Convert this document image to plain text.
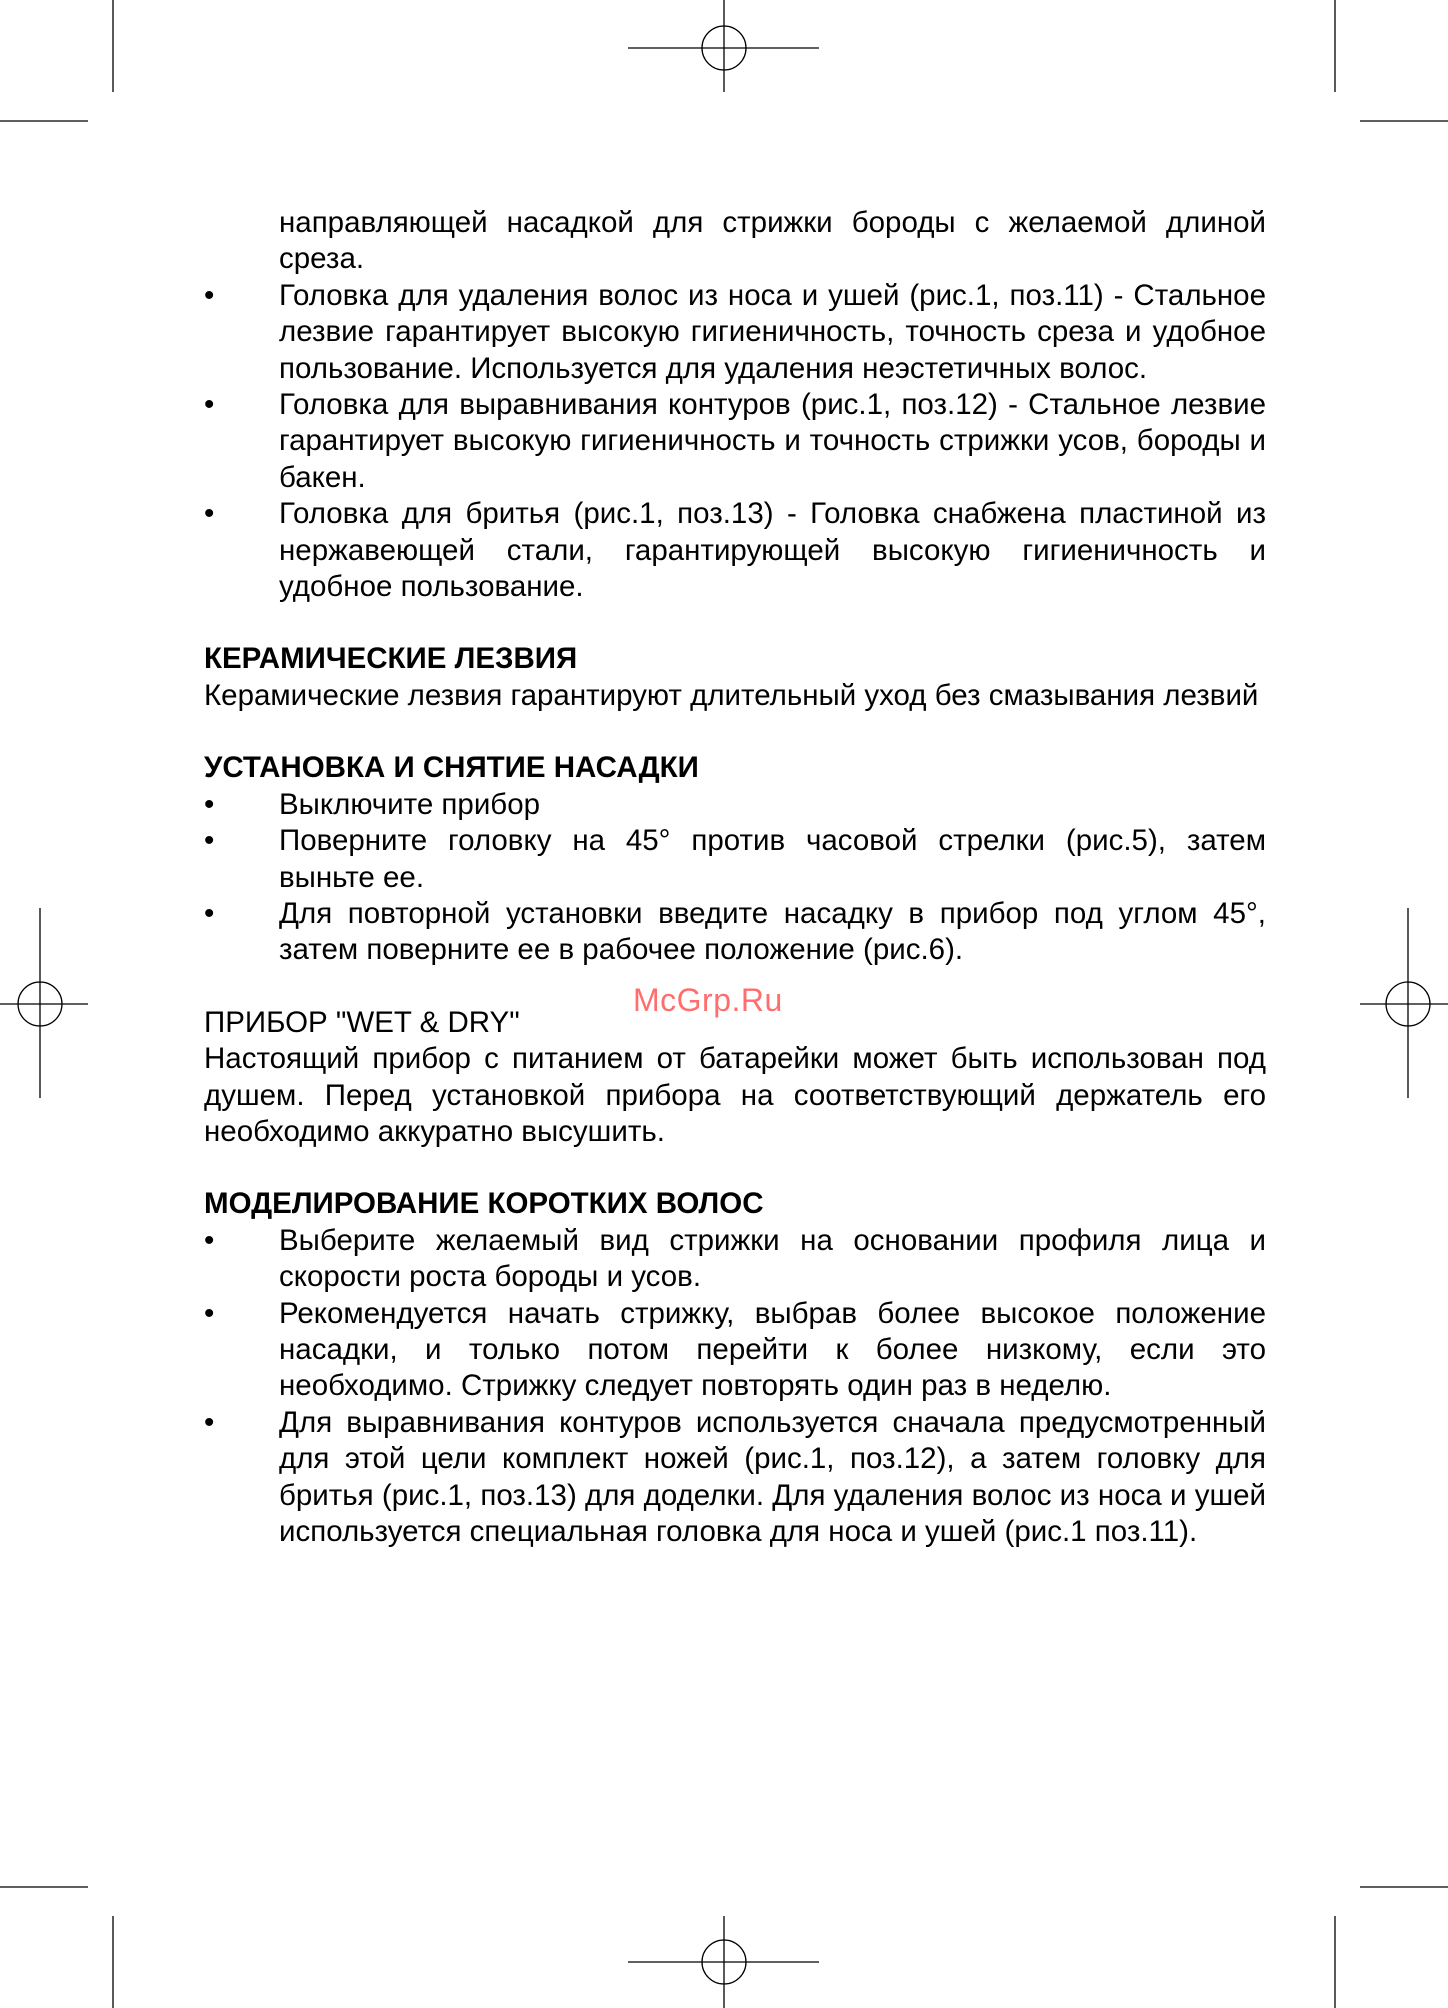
направляющей насадкой для стрижки бороды с желаемой длиной среза.
•	Головка для удаления волос из носа и ушей (рис.1, поз.11) - Стальное лезвие гарантирует высокую гигиеничность, точность среза и удобное пользование. Используется для удаления неэстетичных волос.
•	Головка для выравнивания контуров (рис.1, поз.12) - Стальное лезвие гарантирует высокую гигиеничность и точность стрижки усов, бороды и бакен.
•	Головка для бритья (рис.1, поз.13) - Головка снабжена пластиной из нержавеющей стали, гарантирующей высокую гигиеничность и удобное пользование.
КЕРАМИЧЕСКИЕ ЛЕЗВИЯ
Керамические лезвия гарантируют длительный уход без смазывания лезвий
УСТАНОВКА И СНЯТИЕ НАСАДКИ
•	Выключите прибор
•	Поверните головку на 45° против часовой стрелки (рис.5), затем выньте ее.
•	Для повторной установки введите насадку в прибор под углом 45°, затем поверните ее в рабочее положение (рис.6).
ПРИБОР "WET & DRY"
Настоящий прибор с питанием от батарейки может быть использован под душем. Перед установкой прибора на соответствующий держатель его необходимо аккуратно высушить.
МОДЕЛИРОВАНИЕ КОРОТКИХ ВОЛОС
•	Выберите желаемый вид стрижки на основании профиля лица и скорости роста бороды и усов.
•	Рекомендуется начать стрижку, выбрав более высокое положение насадки, и только потом перейти к более низкому, если это необходимо. Стрижку следует повторять один раз в неделю.
•	Для выравнивания контуров используется сначала предусмотренный для этой цели комплект ножей (рис.1, поз.12), а затем головку для бритья (рис.1, поз.13) для доделки. Для удаления волос из носа и ушей используется специальная головка для носа и ушей (рис.1 поз.11).
McGrp.Ru
